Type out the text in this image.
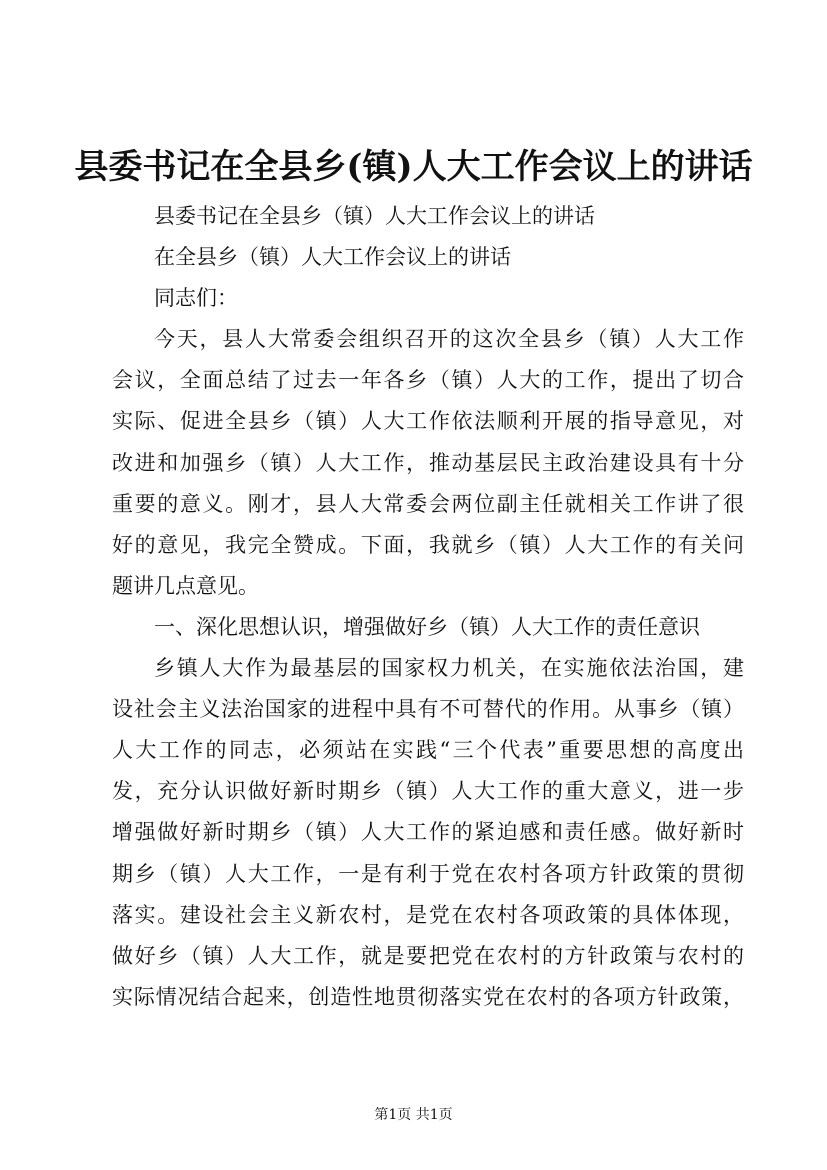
县委书记在全县乡(镇)人大工作会议上的讲话
县委书记在全县乡（镇）人大工作会议上的讲话
在全县乡（镇）人大工作会议上的讲话
同志们：
今天，县人大常委会组织召开的这次全县乡（镇）人大工作
会议，全面总结了过去一年各乡（镇）人大的工作，提出了切合
实际、促进全县乡（镇）人大工作依法顺利开展的指导意见，对
改进和加强乡（镇）人大工作，推动基层民主政治建设具有十分
重要的意义。刚才，县人大常委会两位副主任就相关工作讲了很
好的意见，我完全赞成。下面，我就乡（镇）人大工作的有关问
题讲几点意见。
一、深化思想认识，增强做好乡（镇）人大工作的责任意识
乡镇人大作为最基层的国家权力机关，在实施依法治国，建
设社会主义法治国家的进程中具有不可替代的作用。从事乡（镇）
人大工作的同志，必须站在实践“三个代表”重要思想的高度出
发，充分认识做好新时期乡（镇）人大工作的重大意义，进一步
增强做好新时期乡（镇）人大工作的紧迫感和责任感。做好新时
期乡（镇）人大工作，一是有利于党在农村各项方针政策的贯彻
落实。建设社会主义新农村，是党在农村各项政策的具体体现，
做好乡（镇）人大工作，就是要把党在农村的方针政策与农村的
实际情况结合起来，创造性地贯彻落实党在农村的各项方针政策，
第1页 共1页
